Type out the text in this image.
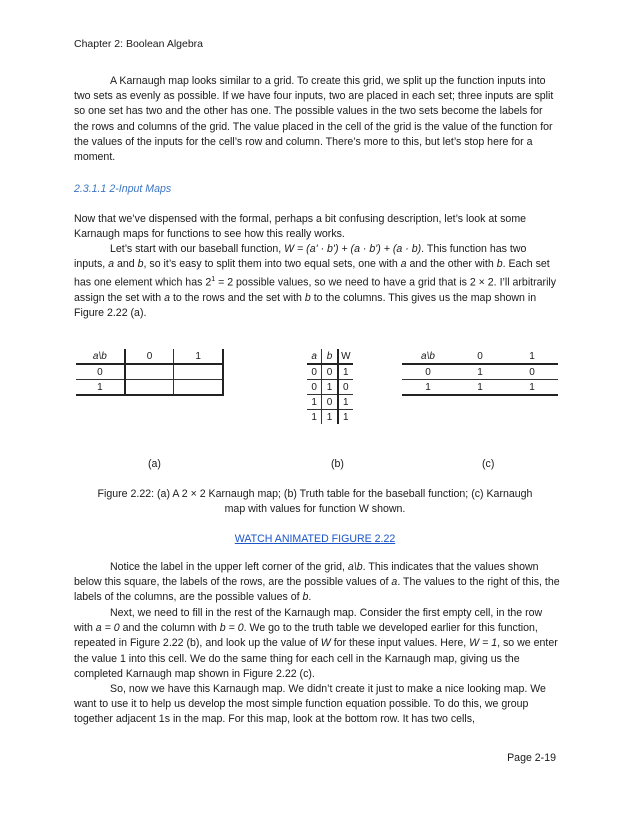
Chapter 2: Boolean Algebra

A Karnaugh map looks similar to a grid. To create this grid, we split up the function inputs into two sets as evenly as possible. If we have four inputs, two are placed in each set; three inputs are split so one set has two and the other has one. The possible values in the two sets become the labels for the rows and columns of the grid. The value placed in the cell of the grid is the value of the function for the values of the inputs for the cell’s row and column. There’s more to this, but let’s stop here for a moment.

2.3.1.1 2-Input Maps

Now that we’ve dispensed with the formal, perhaps a bit confusing description, let’s look at some Karnaugh maps for functions to see how this really works.

Let’s start with our baseball function, W = (a' · b') + (a · b') + (a · b). This function has two inputs, a and b, so it’s easy to split them into two equal sets, one with a and the other with b. Each set has one element which has $2^1 = 2$ possible values, so we need to have a grid that is 2 × 2. I’ll arbitrarily assign the set with a to the rows and the set with b to the columns. This gives us the map shown in Figure 2.22 (a).

a\b	0	1
0		
1		
a	b	W
0	0	1
0	1	0
1	0	1
1	1	1
a\b	0	1
0	1	0
1	1	1
(a)	(b)	(c)
Figure 2.22: (a) A 2 × 2 Karnaugh map; (b) Truth table for the baseball function; (c) Karnaugh map with values for function W shown.
WATCH ANIMATED FIGURE 2.22

Notice the label in the upper left corner of the grid, a\b. This indicates that the values shown below this square, the labels of the rows, are the possible values of a. The values to the right of this, the labels of the columns, are the possible values of b.

Next, we need to fill in the rest of the Karnaugh map. Consider the first empty cell, in the row with a = 0 and the column with b = 0. We go to the truth table we developed earlier for this function, repeated in Figure 2.22 (b), and look up the value of W for these input values. Here, W = 1, so we enter the value 1 into this cell. We do the same thing for each cell in the Karnaugh map, giving us the completed Karnaugh map shown in Figure 2.22 (c).

So, now we have this Karnaugh map. We didn’t create it just to make a nice looking map. We want to use it to help us develop the most simple function equation possible. To do this, we group together adjacent 1s in the map. For this map, look at the bottom row. It has two cells,

Page 2-19
